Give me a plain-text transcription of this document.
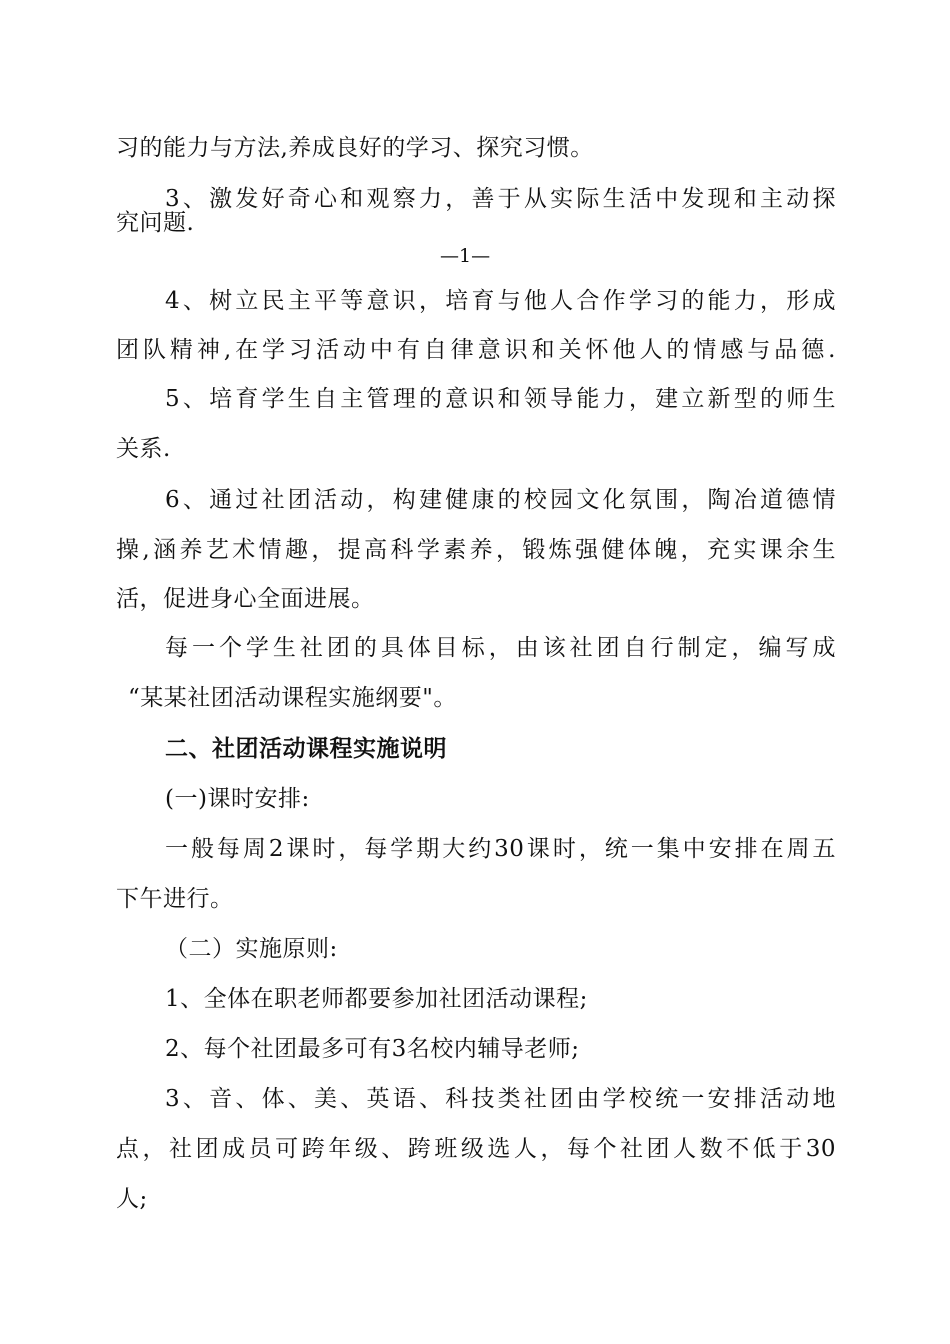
习的能力与方法,养成良好的学习、探究习惯。
3、激发好奇心和观察力，善于从实际生活中发现和主动探
究问题.
—1—
4、树立民主平等意识，培育与他人合作学习的能力，形成
团队精神,在学习活动中有自律意识和关怀他人的情感与品德.
5、培育学生自主管理的意识和领导能力，建立新型的师生
关系.
6、通过社团活动，构建健康的校园文化氛围，陶冶道德情
操,涵养艺术情趣，提高科学素养，锻炼强健体魄，充实课余生
活，促进身心全面进展。
每一个学生社团的具体目标，由该社团自行制定，编写成
“某某社团活动课程实施纲要"。
二、社团活动课程实施说明
(一)课时安排:
一般每周2课时，每学期大约30课时，统一集中安排在周五
下午进行。
（二）实施原则:
1、全体在职老师都要参加社团活动课程;
2、每个社团最多可有3名校内辅导老师;
3、音、体、美、英语、科技类社团由学校统一安排活动地
点，社团成员可跨年级、跨班级选人，每个社团人数不低于30
人;
